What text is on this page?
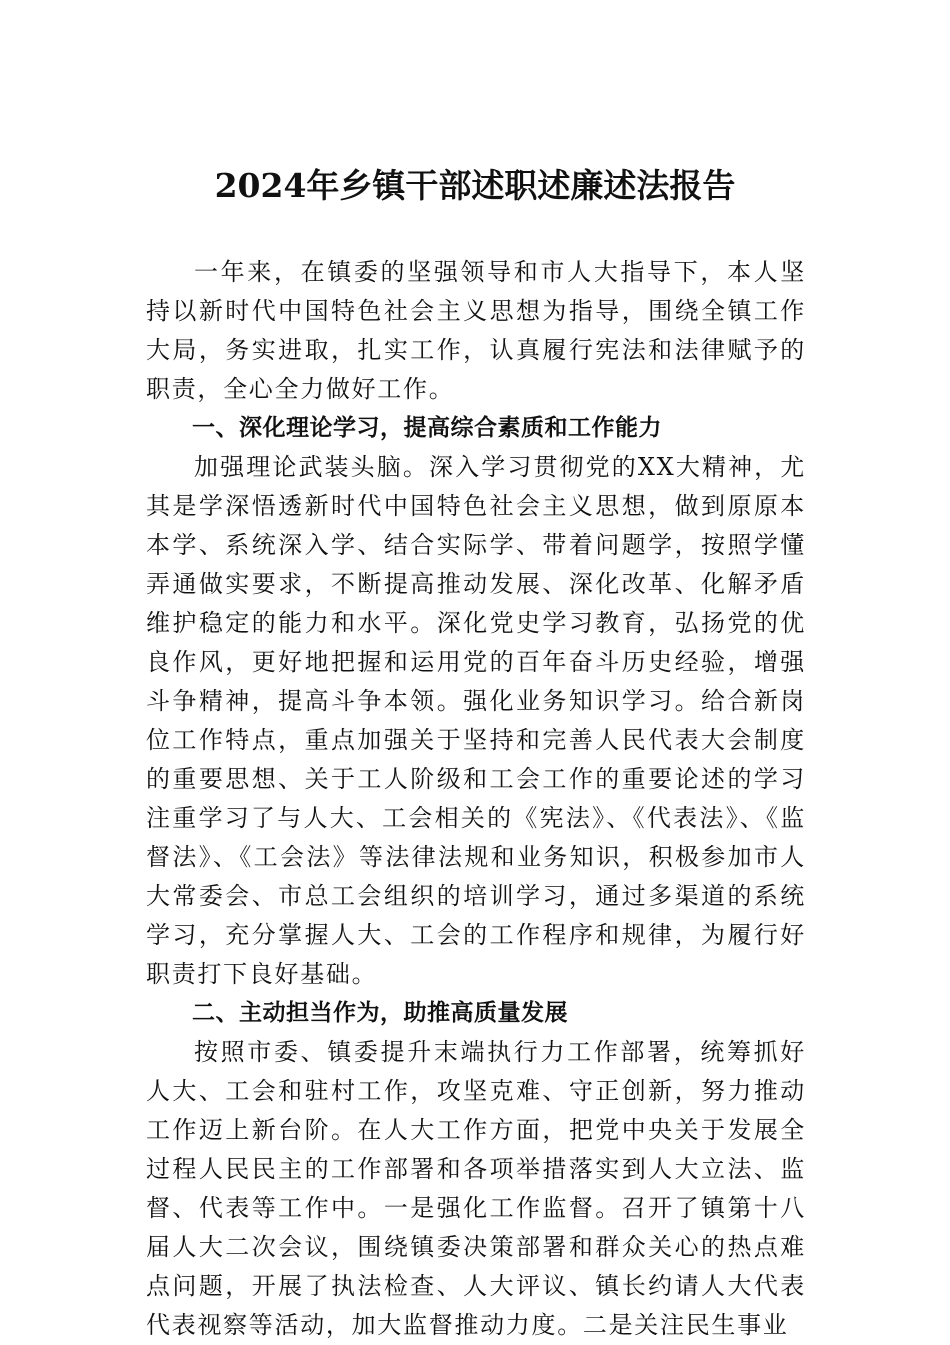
2024年乡镇干部述职述廉述法报告

一年来，在镇委的坚强领导和市人大指导下，本人坚持以新时代中国特色社会主义思想为指导，围绕全镇工作大局，务实进取，扎实工作，认真履行宪法和法律赋予的职责，全心全力做好工作。

一、深化理论学习，提高综合素质和工作能力

加强理论武装头脑。深入学习贯彻党的XX大精神，尤其是学深悟透新时代中国特色社会主义思想，做到原原本本学、系统深入学、结合实际学、带着问题学，按照学懂弄通做实要求，不断提高推动发展、深化改革、化解矛盾维护稳定的能力和水平。深化党史学习教育，弘扬党的优良作风，更好地把握和运用党的百年奋斗历史经验，增强斗争精神，提高斗争本领。强化业务知识学习。给合新岗位工作特点，重点加强关于坚持和完善人民代表大会制度的重要思想、关于工人阶级和工会工作的重要论述的学习注重学习了与人大、工会相关的《宪法》、《代表法》、《监督法》、《工会法》等法律法规和业务知识，积极参加市人大常委会、市总工会组织的培训学习，通过多渠道的系统学习，充分掌握人大、工会的工作程序和规律，为履行好职责打下良好基础。

二、主动担当作为，助推高质量发展

按照市委、镇委提升末端执行力工作部署，统筹抓好人大、工会和驻村工作，攻坚克难、守正创新，努力推动工作迈上新台阶。在人大工作方面，把党中央关于发展全过程人民民主的工作部署和各项举措落实到人大立法、监督、代表等工作中。一是强化工作监督。召开了镇第十八届人大二次会议，围绕镇委决策部署和群众关心的热点难点问题，开展了执法检查、人大评议、镇长约请人大代表代表视察等活动，加大监督推动力度。二是关注民生事业
